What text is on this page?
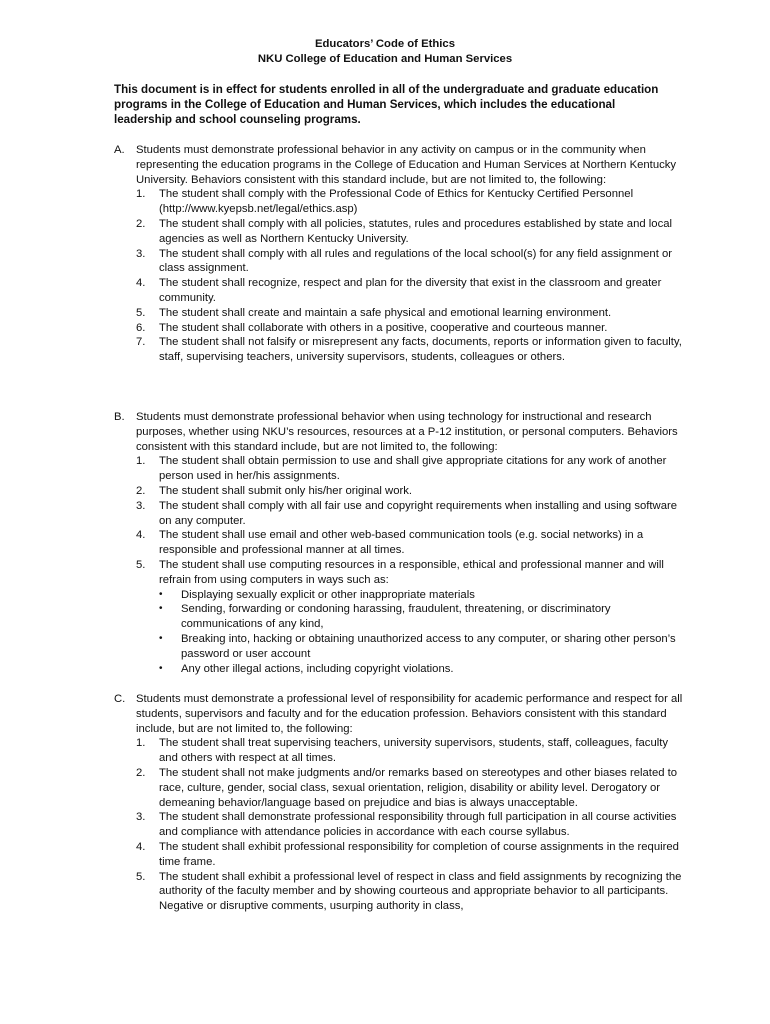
Educators’ Code of Ethics
NKU College of Education and Human Services
This document is in effect for students enrolled in all of the undergraduate and graduate education programs in the College of Education and Human Services, which includes the educational leadership and school counseling programs.
A. Students must demonstrate professional behavior in any activity on campus or in the community when representing the education programs in the College of Education and Human Services at Northern Kentucky University. Behaviors consistent with this standard include, but are not limited to, the following:
1. The student shall comply with the Professional Code of Ethics for Kentucky Certified Personnel (http://www.kyepsb.net/legal/ethics.asp)
2. The student shall comply with all policies, statutes, rules and procedures established by state and local agencies as well as Northern Kentucky University.
3. The student shall comply with all rules and regulations of the local school(s) for any field assignment or class assignment.
4. The student shall recognize, respect and plan for the diversity that exist in the classroom and greater community.
5. The student shall create and maintain a safe physical and emotional learning environment.
6. The student shall collaborate with others in a positive, cooperative and courteous manner.
7. The student shall not falsify or misrepresent any facts, documents, reports or information given to faculty, staff, supervising teachers, university supervisors, students, colleagues or others.
B. Students must demonstrate professional behavior when using technology for instructional and research purposes, whether using NKU’s resources, resources at a P-12 institution, or personal computers. Behaviors consistent with this standard include, but are not limited to, the following:
1. The student shall obtain permission to use and shall give appropriate citations for any work of another person used in her/his assignments.
2. The student shall submit only his/her original work.
3. The student shall comply with all fair use and copyright requirements when installing and using software on any computer.
4. The student shall use email and other web-based communication tools (e.g. social networks) in a responsible and professional manner at all times.
5. The student shall use computing resources in a responsible, ethical and professional manner and will refrain from using computers in ways such as:
• Displaying sexually explicit or other inappropriate materials
• Sending, forwarding or condoning harassing, fraudulent, threatening, or discriminatory communications of any kind,
• Breaking into, hacking or obtaining unauthorized access to any computer, or sharing other person’s password or user account
• Any other illegal actions, including copyright violations.
C. Students must demonstrate a professional level of responsibility for academic performance and respect for all students, supervisors and faculty and for the education profession. Behaviors consistent with this standard include, but are not limited to, the following:
1. The student shall treat supervising teachers, university supervisors, students, staff, colleagues, faculty and others with respect at all times.
2. The student shall not make judgments and/or remarks based on stereotypes and other biases related to race, culture, gender, social class, sexual orientation, religion, disability or ability level. Derogatory or demeaning behavior/language based on prejudice and bias is always unacceptable.
3. The student shall demonstrate professional responsibility through full participation in all course activities and compliance with attendance policies in accordance with each course syllabus.
4. The student shall exhibit professional responsibility for completion of course assignments in the required time frame.
5. The student shall exhibit a professional level of respect in class and field assignments by recognizing the authority of the faculty member and by showing courteous and appropriate behavior to all participants. Negative or disruptive comments, usurping authority in class,
